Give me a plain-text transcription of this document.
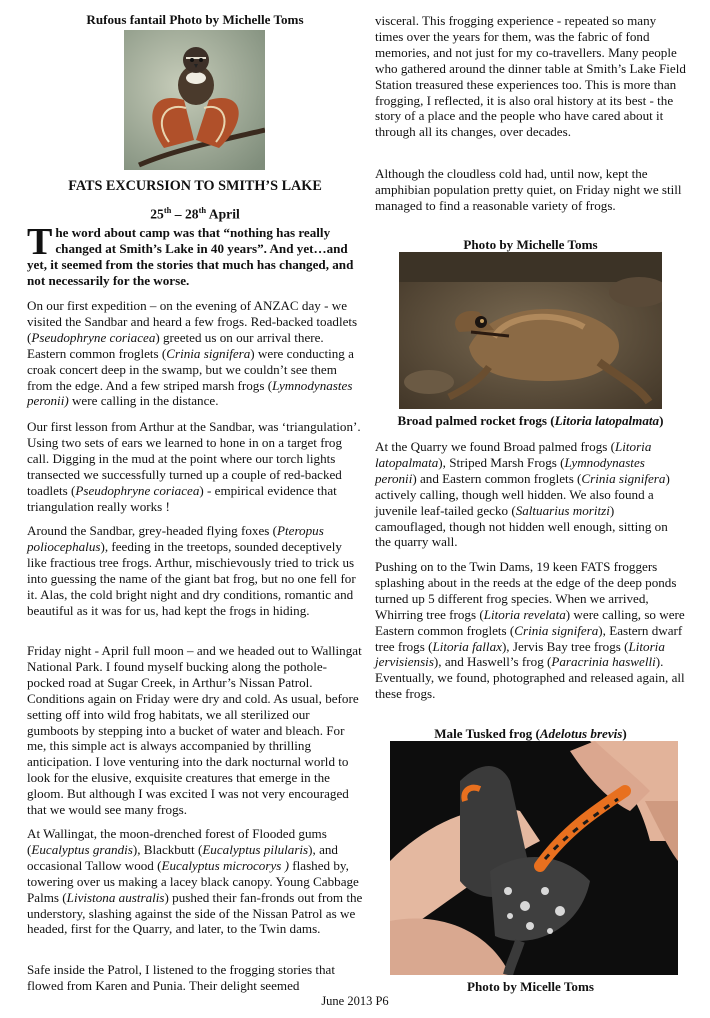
Rufous fantail Photo by Michelle Toms
FATS EXCURSION TO SMITH’S LAKE
25th – 28th April
T he word about camp was that “nothing has really changed at Smith’s Lake in 40 years”. And yet…and yet, it seemed from the stories that much has changed, and not necessarily for the worse.

On our first expedition – on the evening of ANZAC day - we visited the Sandbar and heard a few frogs. Red-backed toadlets (Pseudophryne coriacea) greeted us on our arrival there. Eastern common froglets (Crinia signifera) were conducting a croak concert deep in the swamp, but we couldn’t see them from the edge. And a few striped marsh frogs (Lymnodynastes peronii) were calling in the distance.

Our first lesson from Arthur at the Sandbar, was ‘triangulation’. Using two sets of ears we learned to hone in on a target frog call. Digging in the mud at the point where our torch lights transected we successfully turned up a couple of red-backed toadlets (Pseudophryne coriacea) - empirical evidence that triangulation really works !

Around the Sandbar, grey-headed flying foxes (Pteropus poliocephalus), feeding in the treetops, sounded deceptively like fractious tree frogs. Arthur, mischievously tried to trick us into guessing the name of the giant bat frog, but no one fell for it. Alas, the cold bright night and dry conditions, romantic and beautiful as it was for us, had kept the frogs in hiding.

Friday night - April full moon – and we headed out to Wallingat National Park. I found myself bucking along the pothole-pocked road at Sugar Creek, in Arthur’s Nissan Patrol. Conditions again on Friday were dry and cold. As usual, before setting off into wild frog habitats, we all sterilized our gumboots by stepping into a bucket of water and bleach. For me, this simple act is always accompanied by thrilling anticipation. I love venturing into the dark nocturnal world to look for the elusive, exquisite creatures that emerge in the gloom. But although I was excited I was not very encouraged that we would see many frogs.

At Wallingat, the moon-drenched forest of Flooded gums (Eucalyptus grandis), Blackbutt (Eucalyptus pilularis), and occasional Tallow wood (Eucalyptus microcorys ) flashed by, towering over us making a lacey black canopy. Young Cabbage Palms (Livistona australis) pushed their fan-fronds out from the understory, slashing against the side of the Nissan Patrol as we headed, first for the Quarry, and later, to the Twin dams.

Safe inside the Patrol, I listened to the frogging stories that flowed from Karen and Punia. Their delight seemed

visceral. This frogging experience - repeated so many times over the years for them, was the fabric of fond memories, and not just for my co-travellers. Many people who gathered around the dinner table at Smith’s Lake Field Station treasured these experiences too. This is more than frogging, I reflected, it is also oral history at its best - the story of a place and the people who have cared about it through all its changes, over decades.

Although the cloudless cold had, until now, kept the amphibian population pretty quiet, on Friday night we still managed to find a reasonable variety of frogs.

Photo by Michelle Toms
Broad palmed rocket frogs (Litoria latopalmata)

At the Quarry we found Broad palmed frogs (Litoria latopalmata), Striped Marsh Frogs (Lymnodynastes peronii) and Eastern common froglets (Crinia signifera) actively calling, though well hidden. We also found a juvenile leaf-tailed gecko (Saltuarius moritzi) camouflaged, though not hidden well enough, sitting on the quarry wall.

Pushing on to the Twin Dams, 19 keen FATS froggers splashing about in the reeds at the edge of the deep ponds turned up 5 different frog species. When we arrived, Whirring tree frogs (Litoria revelata) were calling, so were Eastern common froglets (Crinia signifera), Eastern dwarf tree frogs (Litoria fallax), Jervis Bay tree frogs (Litoria jervisiensis), and Haswell’s frog (Paracrinia haswelli). Eventually, we found, photographed and released again, all these frogs.

Male Tusked frog (Adelotus brevis)
Photo by Micelle Toms
June 2013 P6
